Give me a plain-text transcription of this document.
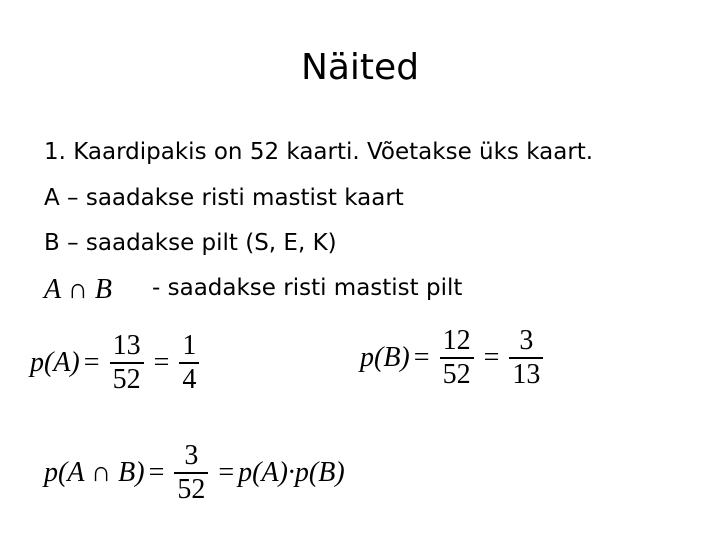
Näited
1. Kaardipakis on 52 kaarti. Võetakse üks kaart.
A – saadakse risti mastist kaart
B – saadakse pilt (S, E, K)
A ∩ B - saadakse risti mastist pilt
$p(A) = \frac{13}{52} = \frac{1}{4}$	$p(B) = \frac{12}{52} = \frac{3}{13}$
p(A ∩ $B) = \frac{3}{52} = p(A)\cdot p(B)$
